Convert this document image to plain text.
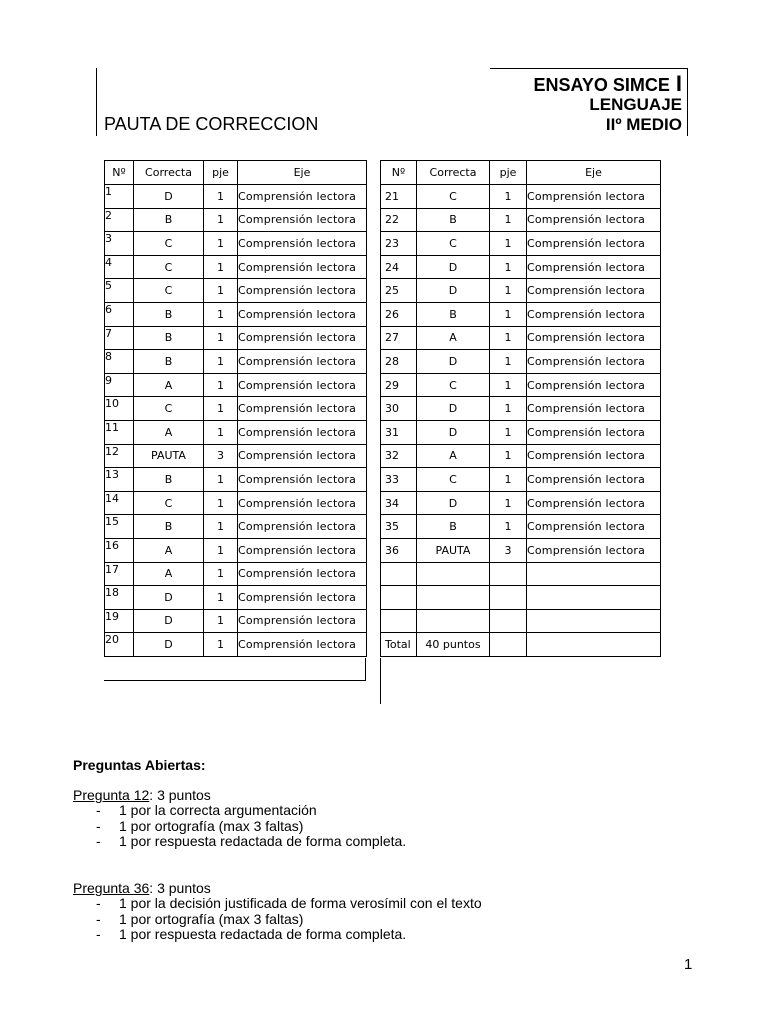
PAUTA DE CORRECCION
ENSAYO SIMCE I
LENGUAJE
IIº MEDIO
Nº	Correcta	pje	Eje
1	D	1	Comprensión lectora
2	B	1	Comprensión lectora
3	C	1	Comprensión lectora
4	C	1	Comprensión lectora
5	C	1	Comprensión lectora
6	B	1	Comprensión lectora
7	B	1	Comprensión lectora
8	B	1	Comprensión lectora
9	A	1	Comprensión lectora
10	C	1	Comprensión lectora
11	A	1	Comprensión lectora
12	PAUTA	3	Comprensión lectora
13	B	1	Comprensión lectora
14	C	1	Comprensión lectora
15	B	1	Comprensión lectora
16	A	1	Comprensión lectora
17	A	1	Comprensión lectora
18	D	1	Comprensión lectora
19	D	1	Comprensión lectora
20	D	1	Comprensión lectora
Nº	Correcta	pje	Eje
21	C	1	Comprensión lectora
22	B	1	Comprensión lectora
23	C	1	Comprensión lectora
24	D	1	Comprensión lectora
25	D	1	Comprensión lectora
26	B	1	Comprensión lectora
27	A	1	Comprensión lectora
28	D	1	Comprensión lectora
29	C	1	Comprensión lectora
30	D	1	Comprensión lectora
31	D	1	Comprensión lectora
32	A	1	Comprensión lectora
33	C	1	Comprensión lectora
34	D	1	Comprensión lectora
35	B	1	Comprensión lectora
36	PAUTA	3	Comprensión lectora

Total	40 puntos		
Preguntas Abiertas:
Pregunta 12: 3 puntos
- 1 por la correcta argumentación
- 1 por ortografía (max 3 faltas)
- 1 por respuesta redactada de forma completa.
Pregunta 36: 3 puntos
- 1 por la decisión justificada de forma verosímil con el texto
- 1 por ortografía (max 3 faltas)
- 1 por respuesta redactada de forma completa.
1
